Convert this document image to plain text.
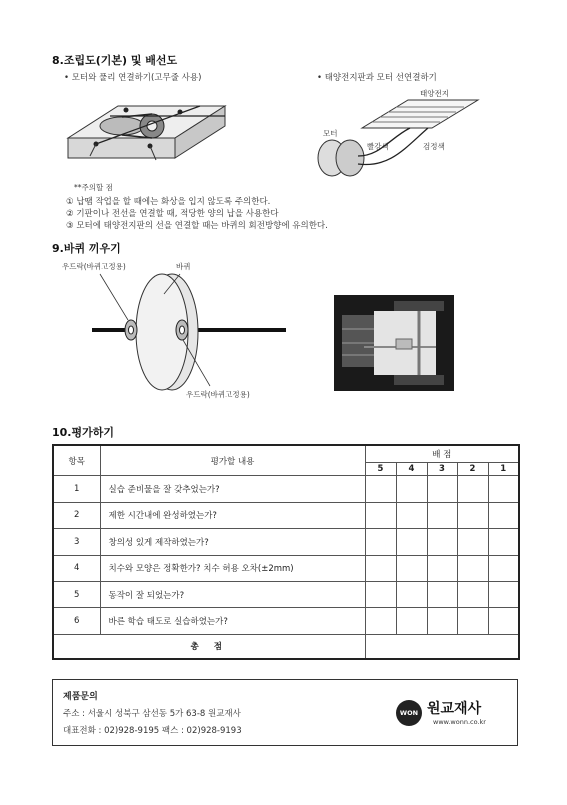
8.조립도(기본) 및 배선도
• 모터와 풀리 연결하기(고무줄 사용)	• 태양전지판과 모터 선연결하기
태양전지
모터
빨강색	검정색
**주의할 점
① 납땜 작업을 할 때에는 화상을 입지 않도록 주의한다.
② 기판이나 전선을 연결할 때, 적당한 양의 납을 사용한다
③ 모터에 태양전지판의 선을 연결할 때는 바퀴의 회전방향에 유의한다.
9.바퀴 끼우기
우드락(바퀴고정용)	바퀴
우드락(바퀴고정용)
10.평가하기
항목	평가할 내용	배 점				
		5	4	3	2	1
1	실습 준비물을 잘 갖추었는가?					
2	제한 시간내에 완성하였는가?					
3	창의성 있게 제작하였는가?					
4	치수와 모양은 정확한가? 치수 허용 오차(±2mm)					
5	동작이 잘 되었는가?					
6	바른 학습 태도로 실습하였는가?					
총 점						
제품문의
주소 : 서울시 성북구 삼선동 5가 63-8 원교재사
대표전화 : 02)928-9195 팩스 : 02)928-9193
WON 원교재사
www.wonn.co.kr
